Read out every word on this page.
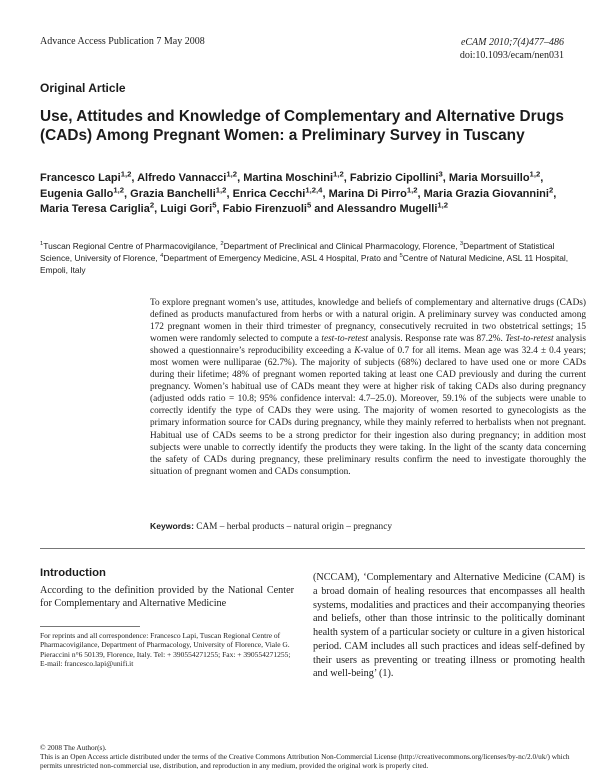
Advance Access Publication 7 May 2008	eCAM 2010;7(4)477–486
doi:10.1093/ecam/nen031
Original Article
Use, Attitudes and Knowledge of Complementary and Alternative Drugs (CADs) Among Pregnant Women: a Preliminary Survey in Tuscany
Francesco Lapi$^{1,2}$, Alfredo Vannacci$^{1,2}$, Martina Moschini$^{1,2}$, Fabrizio Cipollini$^3$, Maria Morsuillo$^{1,2}$, Eugenia Gallo$^{1,2}$, Grazia Banchelli$^{1,2}$, Enrica Cecchi$^{1,2,4}$, Marina Di Pirro$^{1,2}$, Maria Grazia Giovannini$^2$, Maria Teresa Cariglia$^2$, Luigi Gori$^5$, Fabio Firenzuoli$^5$ and Alessandro Mugelli$^{1,2}$
$^1$Tuscan Regional Centre of Pharmacovigilance, $^2$Department of Preclinical and Clinical Pharmacology, Florence, $^3$Department of Statistical Science, University of Florence, $^4$Department of Emergency Medicine, ASL 4 Hospital, Prato and $^5$Centre of Natural Medicine, ASL 11 Hospital, Empoli, Italy
To explore pregnant women’s use, attitudes, knowledge and beliefs of complementary and alternative drugs (CADs) defined as products manufactured from herbs or with a natural origin. A preliminary survey was conducted among 172 pregnant women in their third trimester of pregnancy, consecutively recruited in two obstetrical settings; 15 women were randomly selected to compute a test-to-retest analysis. Response rate was 87.2%. Test-to-retest analysis showed a questionnaire’s reproducibility exceeding a K-value of 0.7 for all items. Mean age was 32.4 ± 0.4 years; most women were nulliparae (62.7%). The majority of subjects (68%) declared to have used one or more CADs during their lifetime; 48% of pregnant women reported taking at least one CAD previously and during the current pregnancy. Women’s habitual use of CADs meant they were at higher risk of taking CADs also during pregnancy (adjusted odds ratio = 10.8; 95% confidence interval: 4.7–25.0). Moreover, 59.1% of the subjects were unable to correctly identify the type of CADs they were using. The majority of women resorted to gynecologists as the primary information source for CADs during pregnancy, while they mainly referred to herbalists when not pregnant. Habitual use of CADs seems to be a strong predictor for their ingestion also during pregnancy; in addition most subjects were unable to correctly identify the products they were taking. In the light of the scanty data concerning the safety of CADs during pregnancy, these preliminary results confirm the need to investigate thoroughly the situation of pregnant women and CADs consumption.
Keywords: CAM – herbal products – natural origin – pregnancy
Introduction
According to the definition provided by the National Center for Complementary and Alternative Medicine
(NCCAM), ‘Complementary and Alternative Medicine (CAM) is a broad domain of healing resources that encompasses all health systems, modalities and practices and their accompanying theories and beliefs, other than those intrinsic to the politically dominant health system of a particular society or culture in a given historical period. CAM includes all such practices and ideas self-defined by their users as preventing or treating illness or promoting health and well-being’ (1).
For reprints and all correspondence: Francesco Lapi, Tuscan Regional Centre of Pharmacovigilance, Department of Pharmacology, University of Florence, Viale G. Pieraccini n°6 50139, Florence, Italy. Tel: + 390554271255; Fax: + 390554271255; E-mail: francesco.lapi@unifi.it
© 2008 The Author(s).
This is an Open Access article distributed under the terms of the Creative Commons Attribution Non-Commercial License (http://creativecommons.org/licenses/by-nc/2.0/uk/) which permits unrestricted non-commercial use, distribution, and reproduction in any medium, provided the original work is properly cited.
